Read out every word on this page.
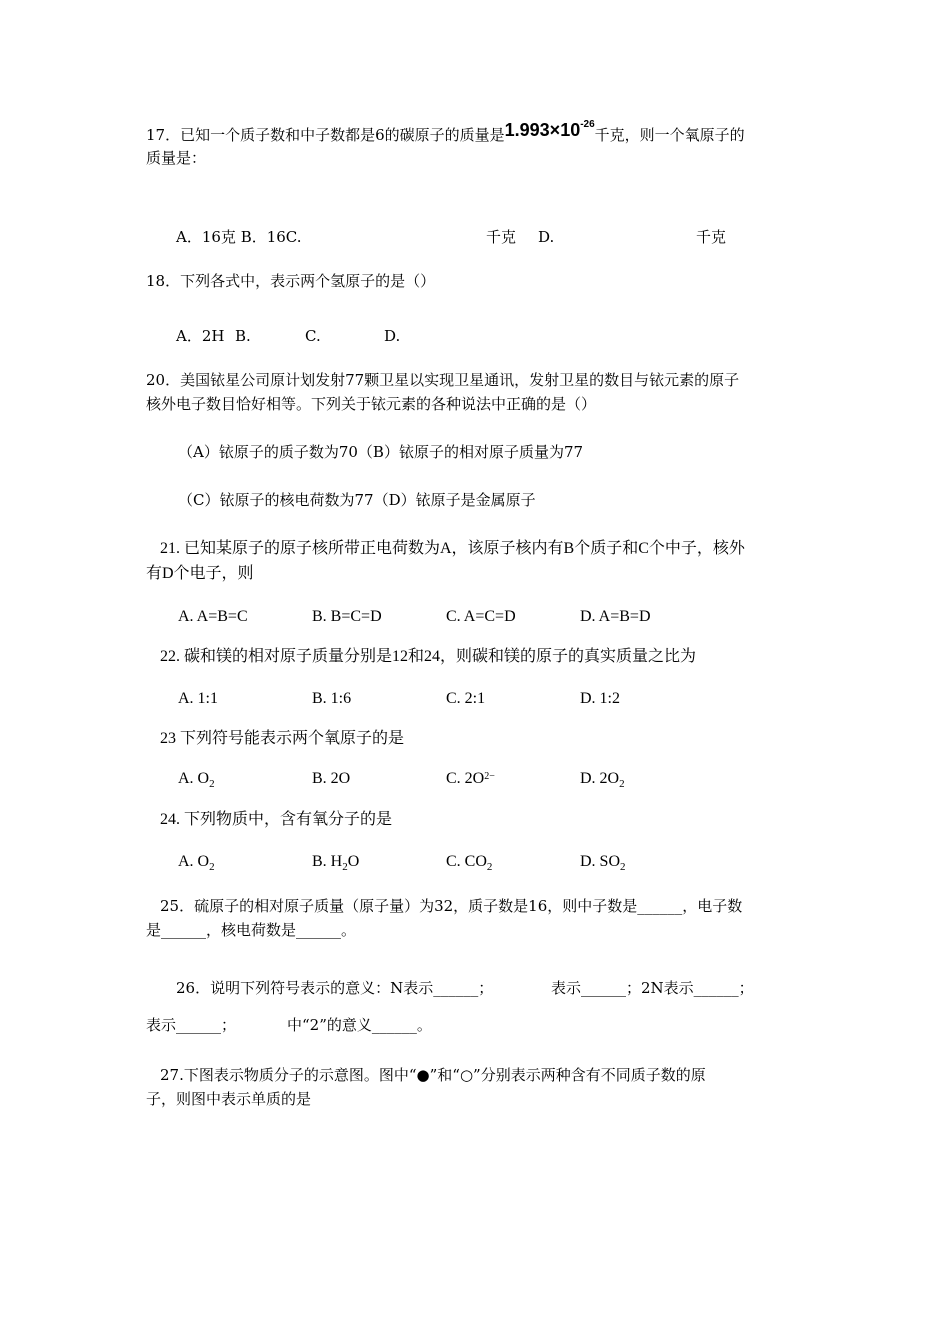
17．已知一个质子数和中子数都是6的碳原子的质量是$1.993\times 10^{-26}$千克，则一个氧原子的
质量是：
A．16克 B．16C.	千克 D.	千克
18．下列各式中，表示两个氢原子的是（）
A．2H B.	C.	D.
20．美国铱星公司原计划发射77颗卫星以实现卫星通讯，发射卫星的数目与铱元素的原子
核外电子数目恰好相等。下列关于铱元素的各种说法中正确的是（）
（A）铱原子的质子数为70（B）铱原子的相对原子质量为77
（C）铱原子的核电荷数为77（D）铱原子是金属原子
21. 已知某原子的原子核所带正电荷数为A，该原子核内有B个质子和C个中子，核外
有D个电子，则
A. A=B=C	B. B=C=D	C. A=C=D	D. A=B=D
22. 碳和镁的相对原子质量分别是12和24，则碳和镁的原子的真实质量之比为
A. 1:1	B. 1:6	C. 2:1	D. 1:2
23 下列符号能表示两个氧原子的是
A. $O_2$	B. 2O	C. $2O^{2-}$	D. $2O_2$
24. 下列物质中，含有氧分子的是
A. $O_2$	B. $H_2O$	C. $CO_2$	D. $SO_2$
25．硫原子的相对原子质量（原子量）为32，质子数是16，则中子数是______，电子数
是______，核电荷数是______。
26．说明下列符号表示的意义：N表示______；	表示______；2N表示______；
表示______；	中“2”的意义______。
27.下图表示物质分子的示意图。图中“●”和“○”分别表示两种含有不同质子数的原
子，则图中表示单质的是
